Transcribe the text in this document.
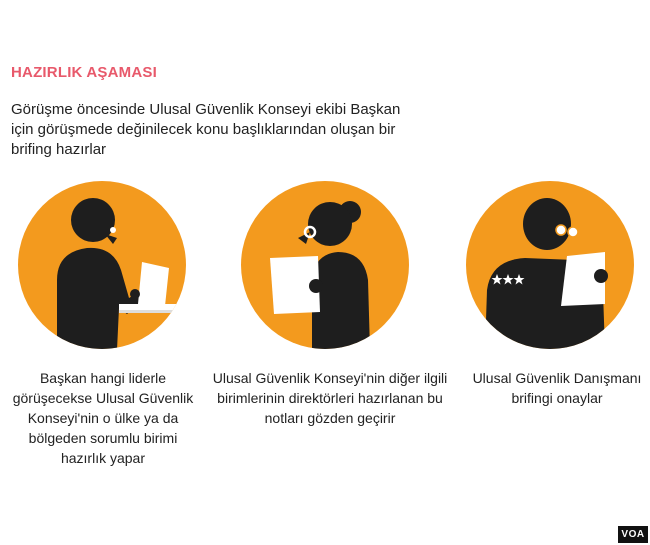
HAZIRLIK AŞAMASI
Görüşme öncesinde Ulusal Güvenlik Konseyi ekibi Başkan için görüşmede değinilecek konu başlıklarından oluşan bir brifing hazırlar
Başkan hangi liderle görüşecekse Ulusal Güvenlik Konseyi'nin o ülke ya da bölgeden sorumlu birimi hazırlık yapar
Ulusal Güvenlik Konseyi'nin diğer ilgili birimlerinin direktörleri hazırlanan bu notları gözden geçirir
Ulusal Güvenlik Danışmanı brifingi onaylar
VOA
